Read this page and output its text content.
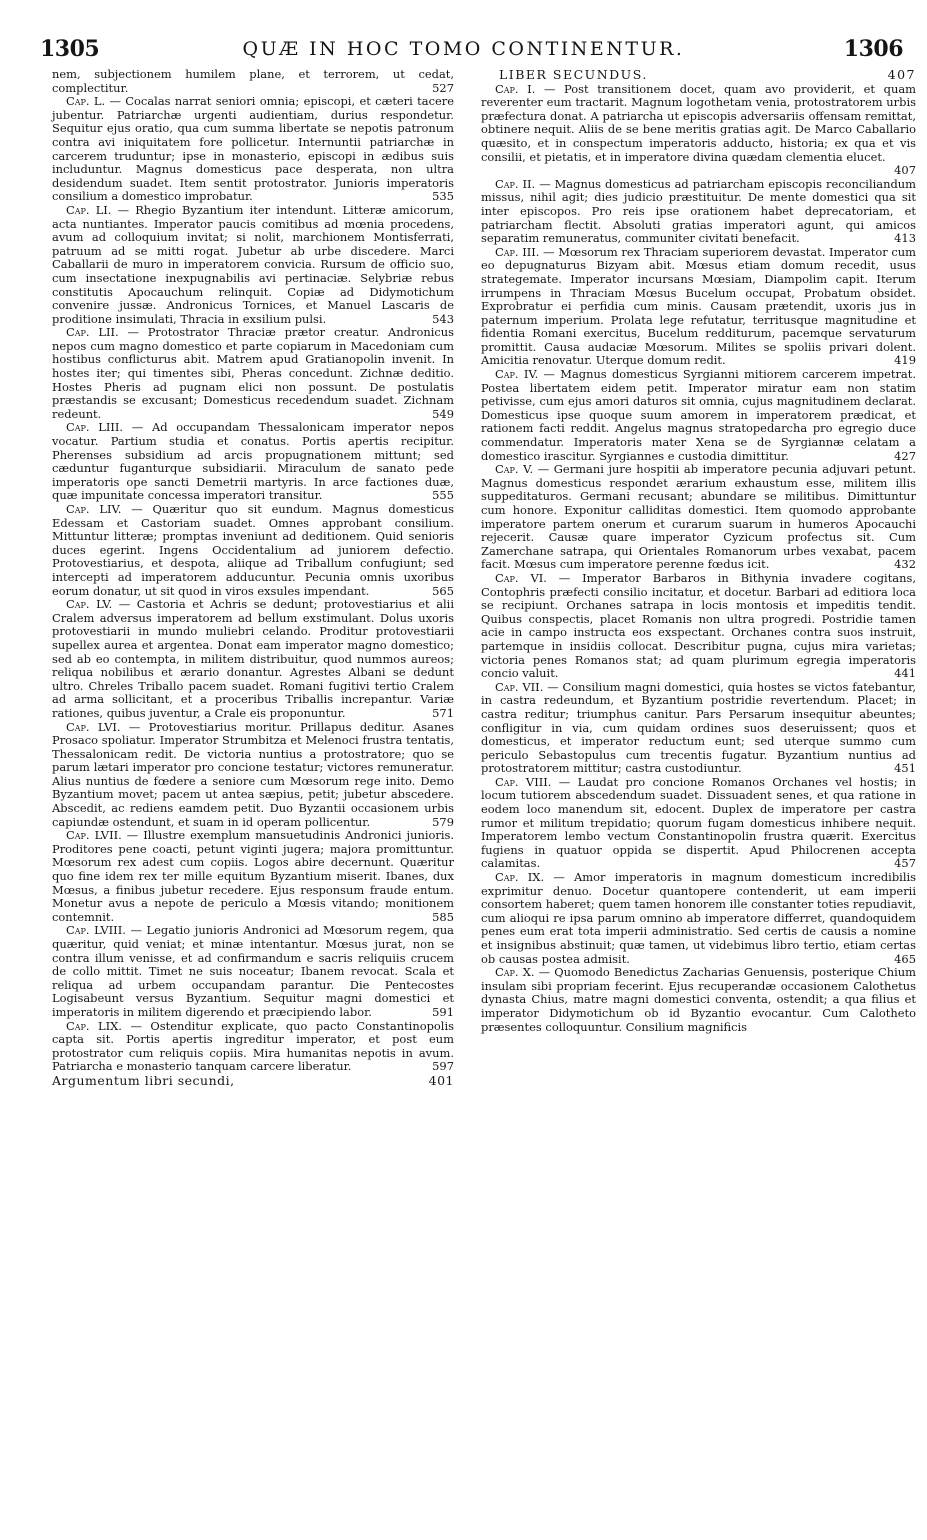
1305	QUÆ IN HOC TOMO CONTINENTUR.	1306
nem, subjectionem humilem plane, et terrorem, ut cedat, complectitur.	527

Cap. L. — Cocalas narrat seniori omnia; episcopi, et cæteri tacere jubentur. Patriarchæ urgenti audientiam, durius respondetur. Sequitur ejus oratio, qua cum summa libertate se nepotis patronum contra avi iniquitatem fore pollicetur. Internuntii patriarchæ in carcerem truduntur; ipse in monasterio, episcopi in ædibus suis includuntur. Magnus domesticus pace desperata, non ultra desidendum suadet. Item sentit protostrator. Junioris imperatoris consilium a domestico improbatur.	535

Cap. LI. — Rhegio Byzantium iter intendunt. Litteræ amicorum, acta nuntiantes. Imperator paucis comitibus ad mœnia procedens, avum ad colloquium invitat; si nolit, marchionem Montisferrati, patruum ad se mitti rogat. Jubetur ab urbe discedere. Marci Caballarii de muro in imperatorem convicia. Rursum de officio suo, cum insectatione inexpugnabilis avi pertinaciæ. Selybriæ rebus constitutis Apocauchum relinquit. Copiæ ad Didymotichum convenire jussæ. Andronicus Tornices, et Manuel Lascaris de proditione insimulati, Thracia in exsilium pulsi.	543

Cap. LII. — Protostrator Thraciæ prætor creatur. Andronicus nepos cum magno domestico et parte copiarum in Macedoniam cum hostibus conflicturus abit. Matrem apud Gratianopolin invenit. In hostes iter; qui timentes sibi, Pheras concedunt. Zichnæ deditio. Hostes Pheris ad pugnam elici non possunt. De postulatis præstandis se excusant; Domesticus recedendum suadet. Zichnam redeunt.	549

Cap. LIII. — Ad occupandam Thessalonicam imperator nepos vocatur. Partium studia et conatus. Portis apertis recipitur. Pherenses subsidium ad arcis propugnationem mittunt; sed cæduntur fuganturque subsidiarii. Miraculum de sanato pede imperatoris ope sancti Demetrii martyris. In arce factiones duæ, quæ impunitate concessa imperatori transitur.	555

Cap. LIV. — Quæritur quo sit eundum. Magnus domesticus Edessam et Castoriam suadet. Omnes approbant consilium. Mittuntur litteræ; promptas inveniunt ad deditionem. Quid senioris duces egerint. Ingens Occidentalium ad juniorem defectio. Protovestiarius, et despota, aliique ad Triballum confugiunt; sed intercepti ad imperatorem adducuntur. Pecunia omnis uxoribus eorum donatur, ut sit quod in viros exsules impendant.	565

Cap. LV. — Castoria et Achris se dedunt; protovestiarius et alii Cralem adversus imperatorem ad bellum exstimulant. Dolus uxoris protovestiarii in mundo muliebri celando. Proditur protovestiarii supellex aurea et argentea. Donat eam imperator magno domestico; sed ab eo contempta, in militem distribuitur, quod nummos aureos; reliqua nobilibus et ærario donantur. Agrestes Albani se dedunt ultro. Chreles Triballo pacem suadet. Romani fugitivi tertio Cralem ad arma sollicitant, et a proceribus Triballis increpantur. Variæ rationes, quibus juventur, a Crale eis proponuntur.	571

Cap. LVI. — Protovestiarius moritur. Prillapus deditur. Asanes Prosaco spoliatur. Imperator Strumbitza et Melenoci frustra tentatis, Thessalonicam redit. De victoria nuntius a protostratore; quo se parum lætari imperator pro concione testatur; victores remuneratur. Alius nuntius de fœdere a seniore cum Mœsorum rege inito. Demo Byzantium movet; pacem ut antea sæpius, petit; jubetur abscedere. Abscedit, ac rediens eamdem petit. Duo Byzantii occasionem urbis capiundæ ostendunt, et suam in id operam pollicentur.	579

Cap. LVII. — Illustre exemplum mansuetudinis Andronici junioris. Proditores pene coacti, petunt viginti jugera; majora promittuntur. Mœsorum rex adest cum copiis. Logos abire decernunt. Quæritur quo fine idem rex ter mille equitum Byzantium miserit. Ibanes, dux Mœsus, a finibus jubetur recedere. Ejus responsum fraude entum. Monetur avus a nepote de periculo a Mœsis vitando; monitionem contemnit.	585

Cap. LVIII. — Legatio junioris Andronici ad Mœsorum regem, qua quæritur, quid veniat; et minæ intentantur. Mœsus jurat, non se contra illum venisse, et ad confirmandum e sacris reliquiis crucem de collo mittit. Timet ne suis noceatur; Ibanem revocat. Scala et reliqua ad urbem occupandam parantur. Die Pentecostes Logisabeunt versus Byzantium. Sequitur magni domestici et imperatoris in militem digerendo et præcipiendo labor.	591

Cap. LIX. — Ostenditur explicate, quo pacto Constantinopolis capta sit. Portis apertis ingreditur imperator, et post eum protostrator cum reliquis copiis. Mira humanitas nepotis in avum. Patriarcha e monasterio tanquam carcere liberatur.	597

Argumentum libri secundi,	401
LIBER SECUNDUS.	407

Cap. I. — Post transitionem docet, quam avo providerit, et quam reverenter eum tractarit. Magnum logothetam venia, protostratorem urbis præfectura donat. A patriarcha ut episcopis adversariis offensam remittat, obtinere nequit. Aliis de se bene meritis gratias agit. De Marco Caballario quæsito, et in conspectum imperatoris adducto, historia; ex qua et vis consilii, et pietatis, et in imperatore divina quædam clementia elucet.
407

Cap. II. — Magnus domesticus ad patriarcham episcopis reconciliandum missus, nihil agit; dies judicio præstituitur. De mente domestici qua sit inter episcopos. Pro reis ipse orationem habet deprecatoriam, et patriarcham flectit. Absoluti gratias imperatori agunt, qui amicos separatim remuneratus, communiter civitati benefacit.	413

Cap. III. — Mœsorum rex Thraciam superiorem devastat. Imperator cum eo depugnaturus Bizyam abit. Mœsus etiam domum recedit, usus strategemate. Imperator incursans Mœsiam, Diampolim capit. Iterum irrumpens in Thraciam Mœsus Bucelum occupat, Probatum obsidet. Exprobratur ei perfidia cum minis. Causam prætendit, uxoris jus in paternum imperium. Prolata lege refutatur, territusque magnitudine et fidentia Romani exercitus, Bucelum redditurum, pacemque servaturum promittit. Causa audaciæ Mœsorum. Milites se spoliis privari dolent. Amicitia renovatur. Uterque domum redit.	419

Cap. IV. — Magnus domesticus Syrgianni mitiorem carcerem impetrat. Postea libertatem eidem petit. Imperator miratur eam non statim petivisse, cum ejus amori daturos sit omnia, cujus magnitudinem declarat. Domesticus ipse quoque suum amorem in imperatorem prædicat, et rationem facti reddit. Angelus magnus stratopedarcha pro egregio duce commendatur. Imperatoris mater Xena se de Syrgiannæ celatam a domestico irascitur. Syrgiannes e custodia dimittitur.	427

Cap. V. — Germani jure hospitii ab imperatore pecunia adjuvari petunt. Magnus domesticus respondet ærarium exhaustum esse, militem illis suppeditaturos. Germani recusant; abundare se militibus. Dimittuntur cum honore. Exponitur calliditas domestici. Item quomodo approbante imperatore partem onerum et curarum suarum in humeros Apocauchi rejecerit. Causæ quare imperator Cyzicum profectus sit. Cum Zamerchane satrapa, qui Orientales Romanorum urbes vexabat, pacem facit. Mœsus cum imperatore perenne fœdus icit.	432

Cap. VI. — Imperator Barbaros in Bithynia invadere cogitans, Contophris præfecti consilio incitatur, et docetur. Barbari ad editiora loca se recipiunt. Orchanes satrapa in locis montosis et impeditis tendit. Quibus conspectis, placet Romanis non ultra progredi. Postridie tamen acie in campo instructa eos exspectant. Orchanes contra suos instruit, partemque in insidiis collocat. Describitur pugna, cujus mira varietas; victoria penes Romanos stat; ad quam plurimum egregia imperatoris concio valuit.	441

Cap. VII. — Consilium magni domestici, quia hostes se victos fatebantur, in castra redeundum, et Byzantium postridie revertendum. Placet; in castra reditur; triumphus canitur. Pars Persarum insequitur abeuntes; confligitur in via, cum quidam ordines suos deseruissent; quos et domesticus, et imperator reductum eunt; sed uterque summo cum periculo Sebastopulus cum trecentis fugatur. Byzantium nuntius ad protostratorem mittitur; castra custodiuntur.	451

Cap. VIII. — Laudat pro concione Romanos Orchanes vel hostis; in locum tutiorem abscedendum suadet. Dissuadent senes, et qua ratione in eodem loco manendum sit, edocent. Duplex de imperatore per castra rumor et militum trepidatio; quorum fugam domesticus inhibere nequit. Imperatorem lembo vectum Constantinopolin frustra quærit. Exercitus fugiens in quatuor oppida se dispertit. Apud Philocrenen accepta calamitas.	457

Cap. IX. — Amor imperatoris in magnum domesticum incredibilis exprimitur denuo. Docetur quantopere contenderit, ut eam imperii consortem haberet; quem tamen honorem ille constanter toties repudiavit, cum alioqui re ipsa parum omnino ab imperatore differret, quandoquidem penes eum erat tota imperii administratio. Sed certis de causis a nomine et insignibus abstinuit; quæ tamen, ut videbimus libro tertio, etiam certas ob causas postea admisit.	465

Cap. X. — Quomodo Benedictus Zacharias Genuensis, posterique Chium insulam sibi propriam fecerint. Ejus recuperandæ occasionem Calothetus dynasta Chius, matre magni domestici conventa, ostendit; a qua filius et imperator Didymotichum ob id Byzantio evocantur. Cum Calotheto præsentes colloquuntur. Consilium magnificis
